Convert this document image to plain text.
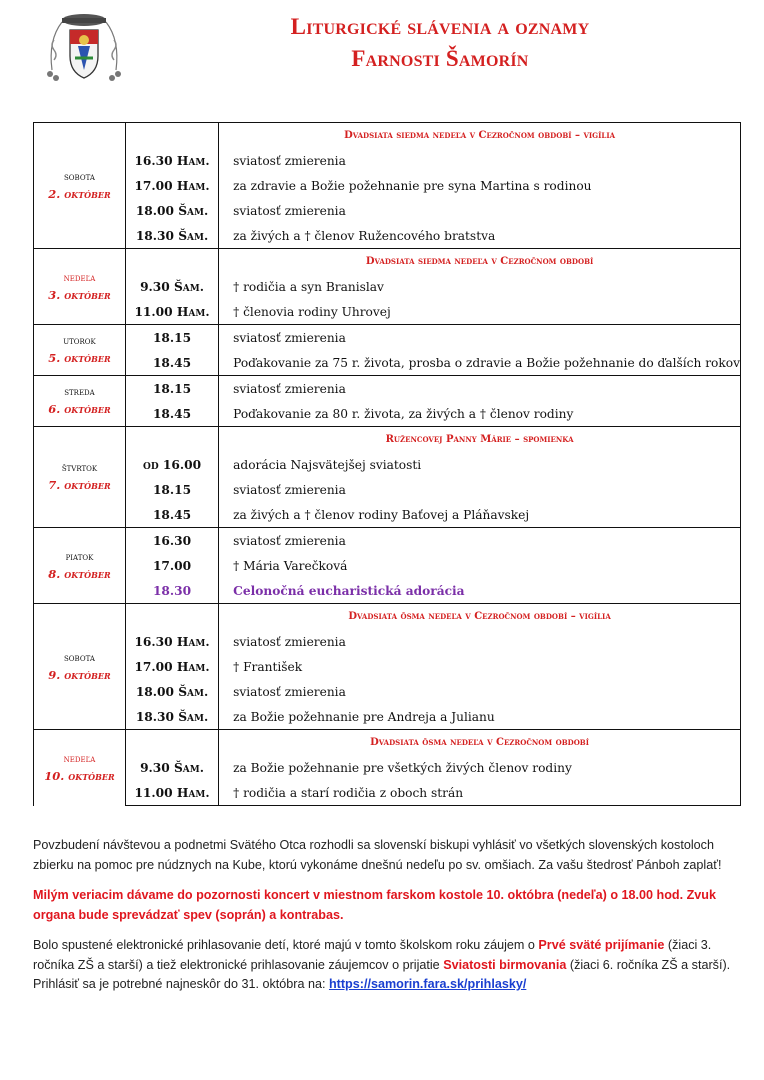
Liturgické slávenia a oznamy
Farnosti Šamorín
sobota
2. október		Dvadsiata siedma nedeľa v Cezročnom období – vigília
	16.30 Ham.	sviatosť zmierenia
	17.00 Ham.	za zdravie a Božie požehnanie pre syna Martina s rodinou
	18.00 Šam.	sviatosť zmierenia
	18.30 Šam.	za živých a † členov Ružencového bratstva

nedeľa
3. október		Dvadsiata siedma nedeľa v Cezročnom období
	9.30 Šam.	† rodičia a syn Branislav
	11.00 Ham.	† členovia rodiny Uhrovej

utorok
5. október	18.15	sviatosť zmierenia
	18.45	Poďakovanie za 75 r. života, prosba o zdravie a Božie požehnanie do ďalších rokov

streda
6. október	18.15	sviatosť zmierenia
	18.45	Poďakovanie za 80 r. života, za živých a † členov rodiny

štvrtok
7. október		Ružencovej Panny Márie – spomienka
	od 16.00	adorácia Najsvätejšej sviatosti
	18.15	sviatosť zmierenia
	18.45	za živých a † členov rodiny Baťovej a Pláňavskej

piatok
8. október	16.30	sviatosť zmierenia
	17.00	† Mária Varečková
	18.30	Celonočná eucharistická adorácia

sobota
9. október		Dvadsiata ôsma nedeľa v Cezročnom období – vigília
	16.30 Ham.	sviatosť zmierenia
	17.00 Ham.	† František
	18.00 Šam.	sviatosť zmierenia
	18.30 Šam.	za Božie požehnanie pre Andreja a Julianu

nedeľa
10. október		Dvadsiata ôsma nedeľa v Cezročnom období
	9.30 Šam.	za Božie požehnanie pre všetkých živých členov rodiny
	11.00 Ham.	† rodičia a starí rodičia z oboch strán

Povzbudení návštevou a podnetmi Svätého Otca rozhodli sa slovenskí biskupi vyhlásiť vo všetkých slovenských kostoloch zbierku na pomoc pre núdznych na Kube, ktorú vykonáme dnešnú nedeľu po sv. omšiach. Za vašu štedrosť Pánboh zaplať!

Milým veriacim dávame do pozornosti koncert v miestnom farskom kostole 10. októbra (nedeľa) o 18.00 hod. Zvuk organa bude sprevádzať spev (soprán) a kontrabas.

Bolo spustené elektronické prihlasovanie detí, ktoré majú v tomto školskom roku záujem o Prvé sväté prijímanie (žiaci 3. ročníka ZŠ a starší) a tiež elektronické prihlasovanie záujemcov o prijatie Sviatosti birmovania (žiaci 6. ročníka ZŠ a starší). Prihlásiť sa je potrebné najneskôr do 31. októbra na: https://samorin.fara.sk/prihlasky/
